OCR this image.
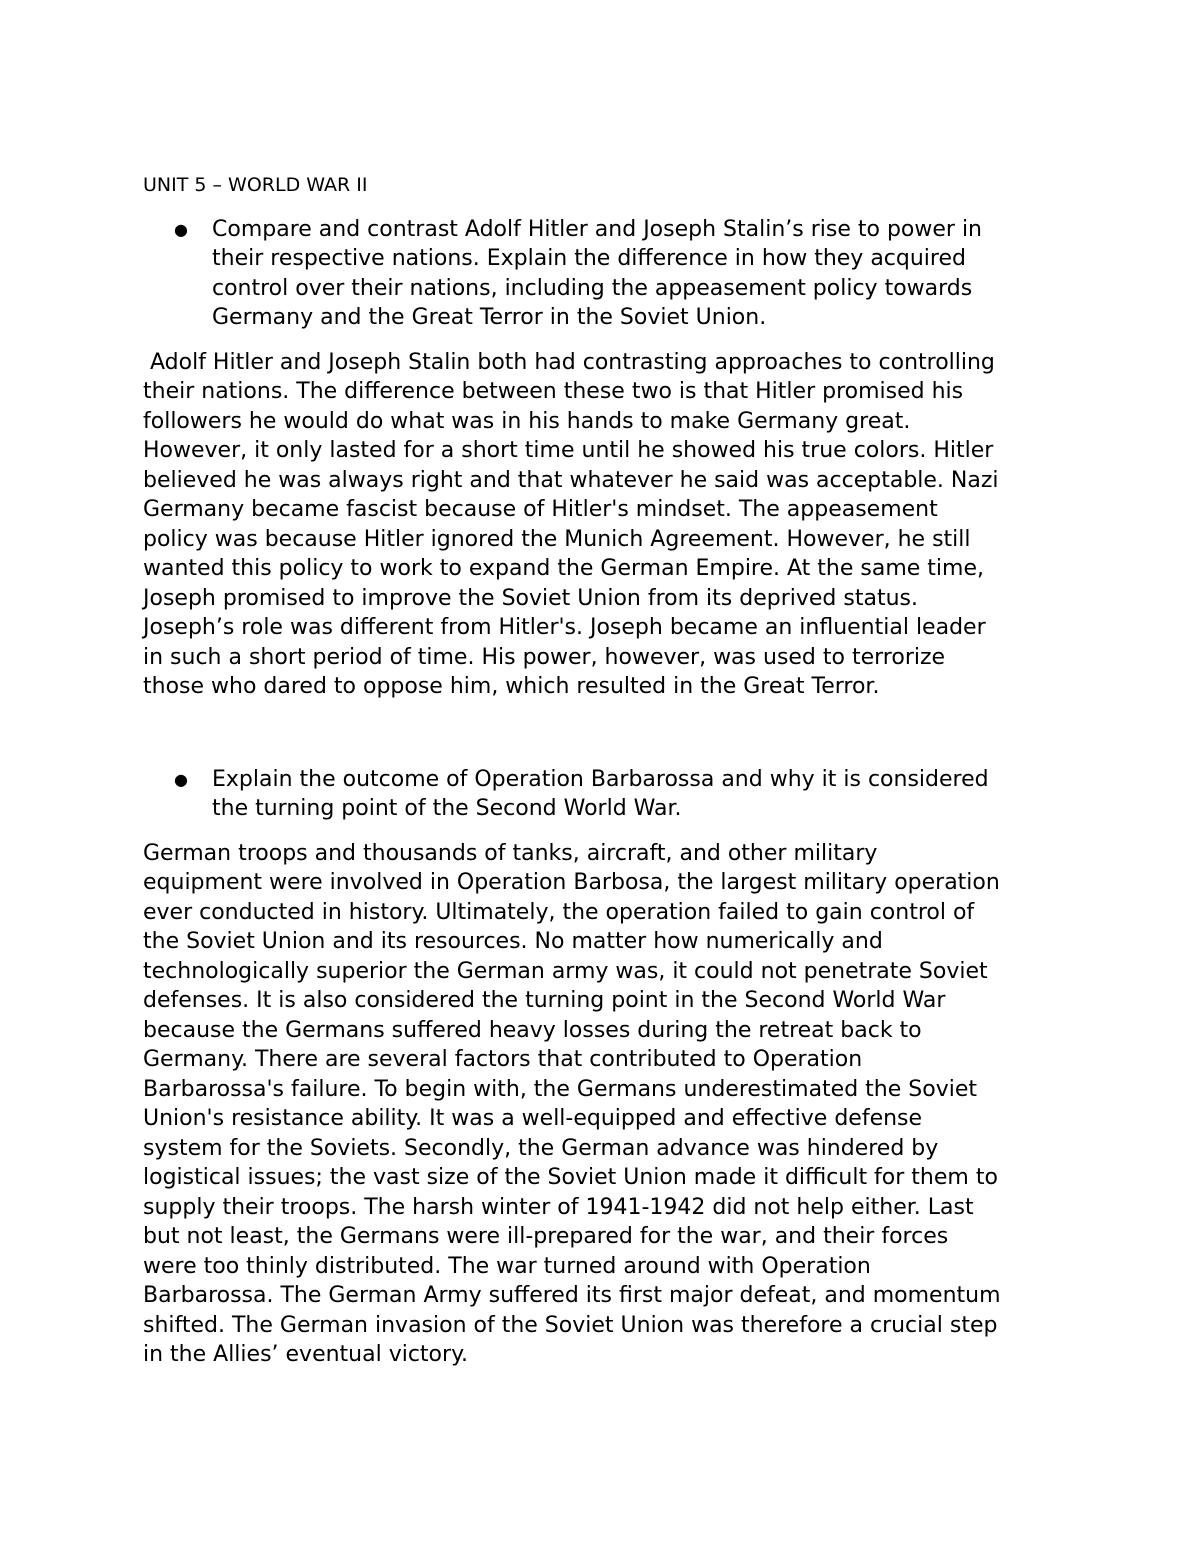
UNIT 5 – WORLD WAR II

● Compare and contrast Adolf Hitler and Joseph Stalin’s rise to power in

their respective nations. Explain the difference in how they acquired

control over their nations, including the appeasement policy towards

Germany and the Great Terror in the Soviet Union.

Adolf Hitler and Joseph Stalin both had contrasting approaches to controlling

their nations. The difference between these two is that Hitler promised his

followers he would do what was in his hands to make Germany great.

However, it only lasted for a short time until he showed his true colors. Hitler

believed he was always right and that whatever he said was acceptable. Nazi

Germany became fascist because of Hitler's mindset. The appeasement

policy was because Hitler ignored the Munich Agreement. However, he still

wanted this policy to work to expand the German Empire. At the same time,

Joseph promised to improve the Soviet Union from its deprived status.

Joseph’s role was different from Hitler's. Joseph became an influential leader

in such a short period of time. His power, however, was used to terrorize

those who dared to oppose him, which resulted in the Great Terror.

● Explain the outcome of Operation Barbarossa and why it is considered

the turning point of the Second World War.

German troops and thousands of tanks, aircraft, and other military

equipment were involved in Operation Barbosa, the largest military operation

ever conducted in history. Ultimately, the operation failed to gain control of

the Soviet Union and its resources. No matter how numerically and

technologically superior the German army was, it could not penetrate Soviet

defenses. It is also considered the turning point in the Second World War

because the Germans suffered heavy losses during the retreat back to

Germany. There are several factors that contributed to Operation

Barbarossa's failure. To begin with, the Germans underestimated the Soviet

Union's resistance ability. It was a well-equipped and effective defense

system for the Soviets. Secondly, the German advance was hindered by

logistical issues; the vast size of the Soviet Union made it difficult for them to

supply their troops. The harsh winter of 1941-1942 did not help either. Last

but not least, the Germans were ill-prepared for the war, and their forces

were too thinly distributed. The war turned around with Operation

Barbarossa. The German Army suffered its first major defeat, and momentum

shifted. The German invasion of the Soviet Union was therefore a crucial step

in the Allies’ eventual victory.
